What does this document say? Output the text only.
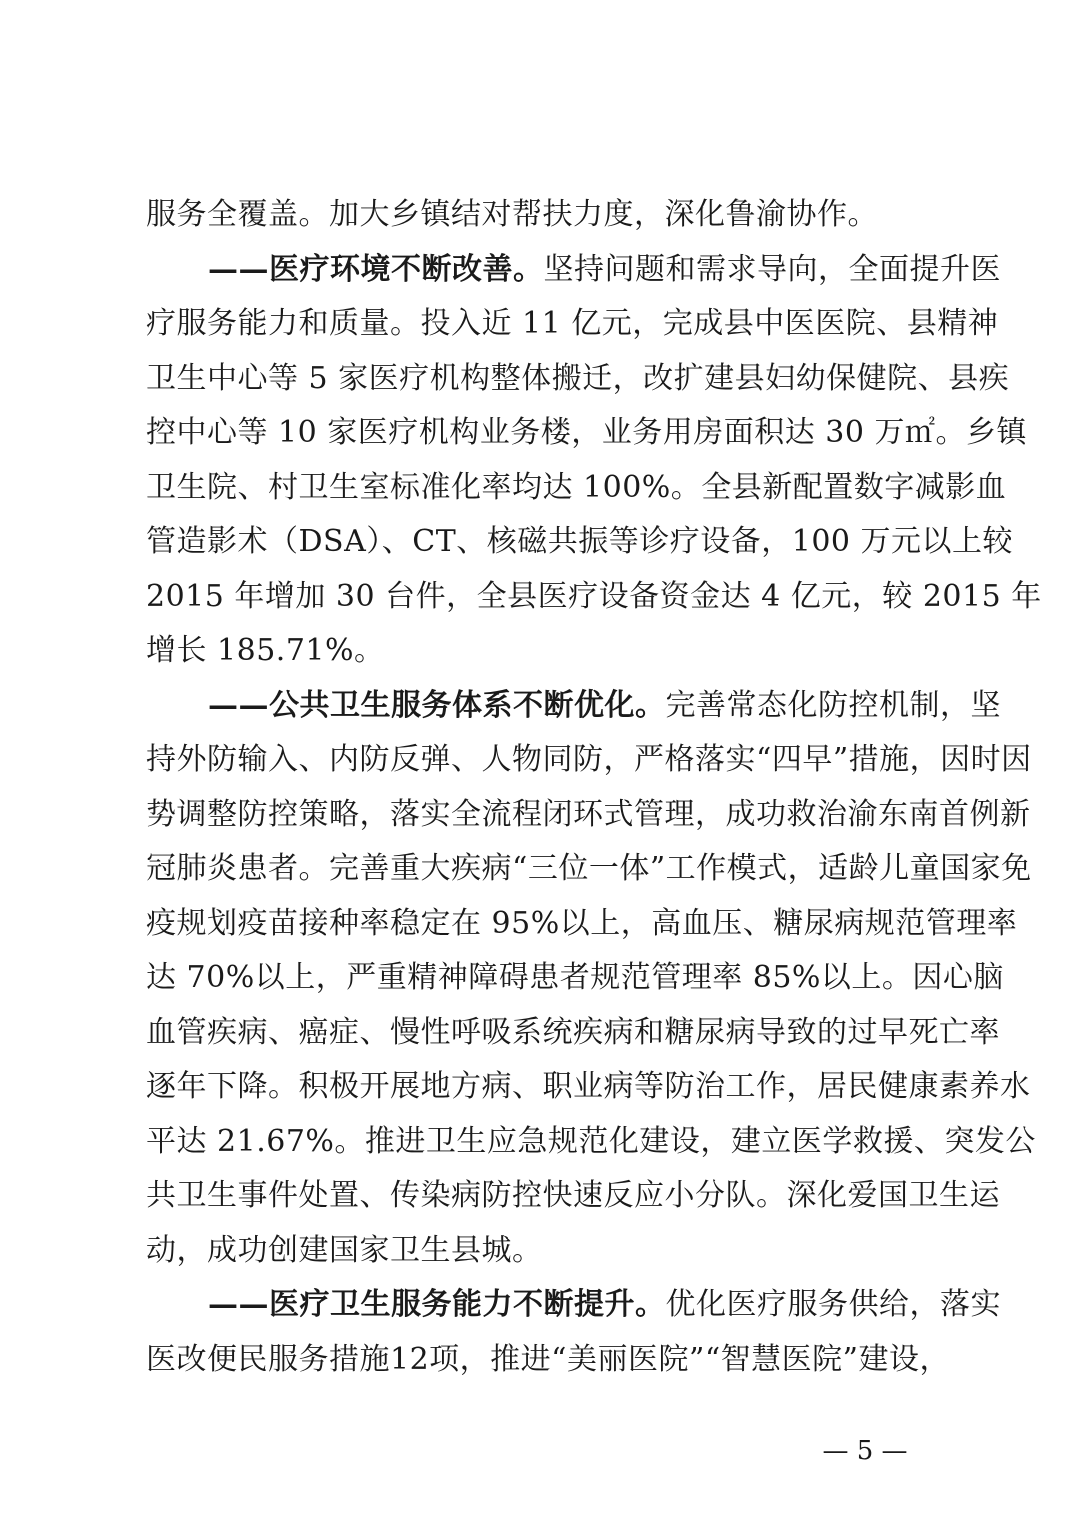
服务全覆盖。加大乡镇结对帮扶力度，深化鲁渝协作。
——医疗环境不断改善。坚持问题和需求导向，全面提升医
疗服务能力和质量。投入近 11 亿元，完成县中医医院、县精神
卫生中心等 5 家医疗机构整体搬迁，改扩建县妇幼保健院、县疾
控中心等 10 家医疗机构业务楼，业务用房面积达 30 万㎡。乡镇
卫生院、村卫生室标准化率均达 100%。全县新配置数字减影血
管造影术（DSA）、CT、核磁共振等诊疗设备，100 万元以上较
2015 年增加 30 台件，全县医疗设备资金达 4 亿元，较 2015 年
增长 185.71%。
——公共卫生服务体系不断优化。完善常态化防控机制，坚
持外防输入、内防反弹、人物同防，严格落实“四早”措施，因时因
势调整防控策略，落实全流程闭环式管理，成功救治渝东南首例新
冠肺炎患者。完善重大疾病“三位一体”工作模式，适龄儿童国家免
疫规划疫苗接种率稳定在 95%以上，高血压、糖尿病规范管理率
达 70%以上，严重精神障碍患者规范管理率 85%以上。因心脑
血管疾病、癌症、慢性呼吸系统疾病和糖尿病导致的过早死亡率
逐年下降。积极开展地方病、职业病等防治工作，居民健康素养水
平达 21.67%。推进卫生应急规范化建设，建立医学救援、突发公
共卫生事件处置、传染病防控快速反应小分队。深化爱国卫生运
动，成功创建国家卫生县城。
——医疗卫生服务能力不断提升。优化医疗服务供给，落实
医改便民服务措施12项，推进“美丽医院”“智慧医院”建设，
— 5 —
